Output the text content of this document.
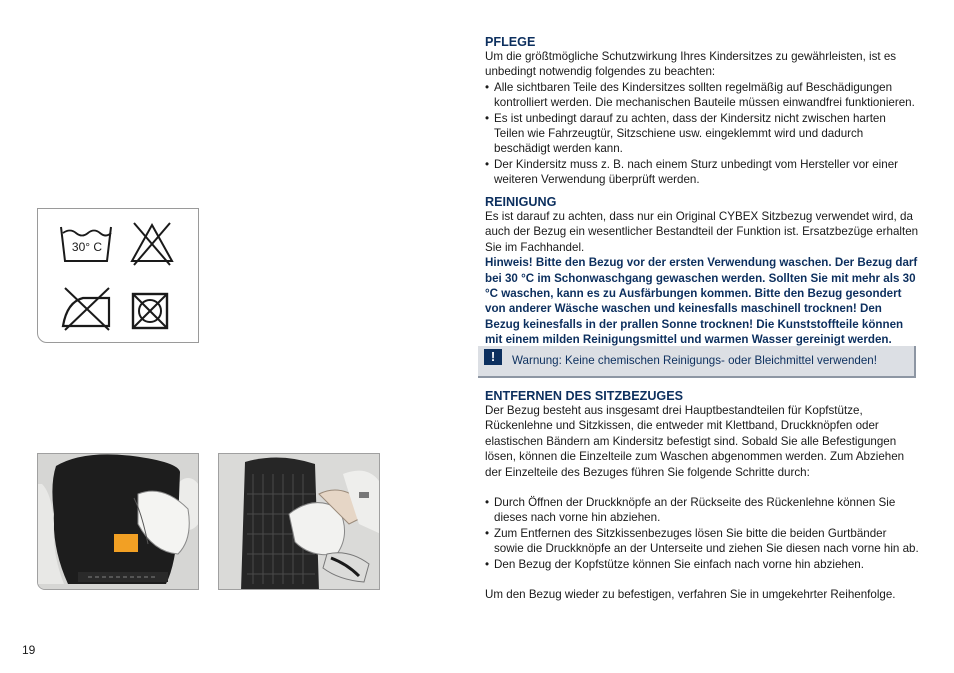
30° C
19
PFLEGE

Um die größtmögliche Schutzwirkung Ihres Kindersitzes zu gewährleisten, ist es unbedingt notwendig folgendes zu beachten:

• Alle sichtbaren Teile des Kindersitzes sollten regelmäßig auf Beschädigungen kontrolliert werden. Die mechanischen Bauteile müssen einwandfrei funktionieren.
• Es ist unbedingt darauf zu achten, dass der Kindersitz nicht zwischen harten Teilen wie Fahrzeugtür, Sitzschiene usw. eingeklemmt wird und dadurch beschädigt werden kann.
• Der Kindersitz muss z. B. nach einem Sturz unbedingt vom Hersteller vor einer weiteren Verwendung überprüft werden.
REINIGUNG

Es ist darauf zu achten, dass nur ein Original CYBEX Sitzbezug verwendet wird, da auch der Bezug ein wesentlicher Bestandteil der Funktion ist. Ersatzbezüge erhalten Sie im Fachhandel.

Hinweis! Bitte den Bezug vor der ersten Verwendung waschen. Der Bezug darf bei 30 °C im Schonwaschgang gewaschen werden. Sollten Sie mit mehr als 30 °C waschen, kann es zu Ausfärbungen kommen. Bitte den Bezug gesondert von anderer Wäsche waschen und keinesfalls maschinell trocknen! Den Bezug keinesfalls in der prallen Sonne trocknen! Die Kunststoffteile können mit einem milden Reinigungsmittel und warmen Wasser gereinigt werden.

!	Warnung: Keine chemischen Reinigungs- oder Bleichmittel verwenden!
ENTFERNEN DES SITZBEZUGES

Der Bezug besteht aus insgesamt drei Hauptbestandteilen für Kopfstütze, Rückenlehne und Sitzkissen, die entweder mit Klettband, Druckknöpfen oder elastischen Bändern am Kindersitz befestigt sind. Sobald Sie alle Befestigungen lösen, können die Einzelteile zum Waschen abgenommen werden. Zum Abziehen der Einzelteile des Bezuges führen Sie folgende Schritte durch:

• Durch Öffnen der Druckknöpfe an der Rückseite des Rückenlehne können Sie dieses nach vorne hin abziehen.
• Zum Entfernen des Sitzkissenbezuges lösen Sie bitte die beiden Gurtbänder sowie die Druckknöpfe an der Unterseite und ziehen Sie diesen nach vorne hin ab.
• Den Bezug der Kopfstütze können Sie einfach nach vorne hin abziehen.

Um den Bezug wieder zu befestigen, verfahren Sie in umgekehrter Reihenfolge.
